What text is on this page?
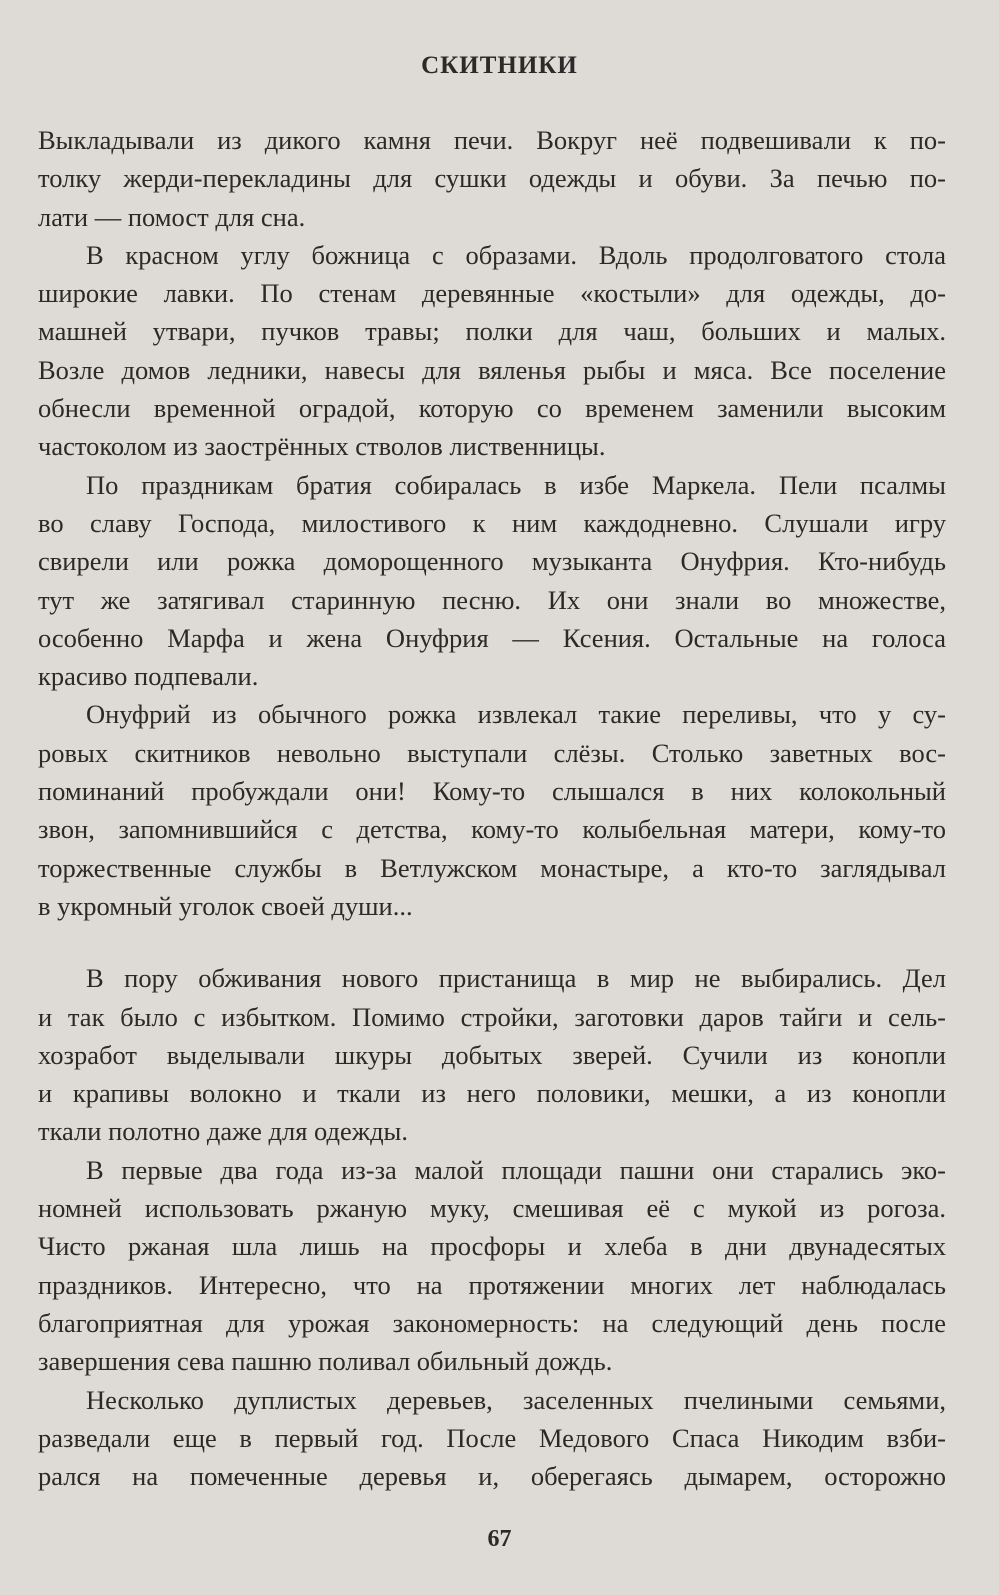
СКИТНИКИ
Выкладывали из дикого камня печи. Вокруг неё подвешивали к по-
толку жерди-перекладины для сушки одежды и обуви. За печью по-
лати — помост для сна.
В красном углу божница с образами. Вдоль продолговатого стола
широкие лавки. По стенам деревянные «костыли» для одежды, до-
машней утвари, пучков травы; полки для чаш, больших и малых.
Возле домов ледники, навесы для вяленья рыбы и мяса. Все поселение
обнесли временной оградой, которую со временем заменили высоким
частоколом из заострённых стволов лиственницы.
По праздникам братия собиралась в избе Маркела. Пели псалмы
во славу Господа, милостивого к ним каждодневно. Слушали игру
свирели или рожка доморощенного музыканта Онуфрия. Кто-нибудь
тут же затягивал старинную песню. Их они знали во множестве,
особенно Марфа и жена Онуфрия — Ксения. Остальные на голоса
красиво подпевали.
Онуфрий из обычного рожка извлекал такие переливы, что у су-
ровых скитников невольно выступали слёзы. Столько заветных вос-
поминаний пробуждали они! Кому-то слышался в них колокольный
звон, запомнившийся с детства, кому-то колыбельная матери, кому-то
торжественные службы в Ветлужском монастыре, а кто-то заглядывал
в укромный уголок своей души...
В пору обживания нового пристанища в мир не выбирались. Дел
и так было с избытком. Помимо стройки, заготовки даров тайги и сель-
хозработ выделывали шкуры добытых зверей. Сучили из конопли
и крапивы волокно и ткали из него половики, мешки, а из конопли
ткали полотно даже для одежды.
В первые два года из-за малой площади пашни они старались эко-
номней использовать ржаную муку, смешивая её с мукой из рогоза.
Чисто ржаная шла лишь на просфоры и хлеба в дни двунадесятых
праздников. Интересно, что на протяжении многих лет наблюдалась
благоприятная для урожая закономерность: на следующий день после
завершения сева пашню поливал обильный дождь.
Несколько дуплистых деревьев, заселенных пчелиными семьями,
разведали еще в первый год. После Медового Спаса Никодим взби-
рался на помеченные деревья и, оберегаясь дымарем, осторожно
67
